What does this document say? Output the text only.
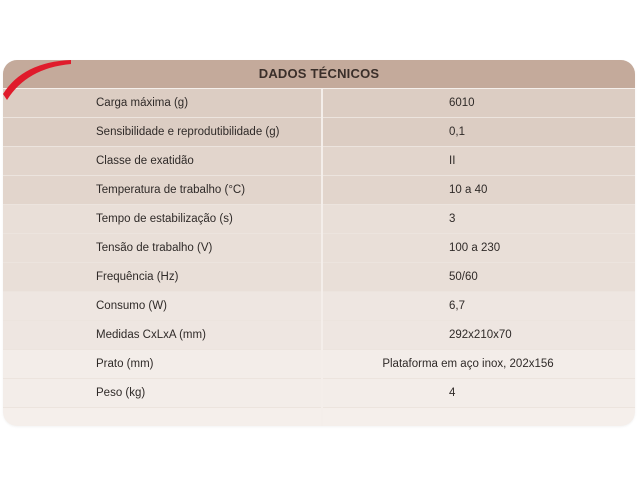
DADOS TÉCNICOS
Carga máxima (g)	6010
Sensibilidade e reprodutibilidade (g)	0,1
Classe de exatidão	II
Temperatura de trabalho (°C)	10 a 40
Tempo de estabilização (s)	3
Tensão de trabalho (V)	100 a 230
Frequência (Hz)	50/60
Consumo (W)	6,7
Medidas CxLxA (mm)	292x210x70
Prato (mm)	Plataforma em aço inox, 202x156
Peso (kg)	4
